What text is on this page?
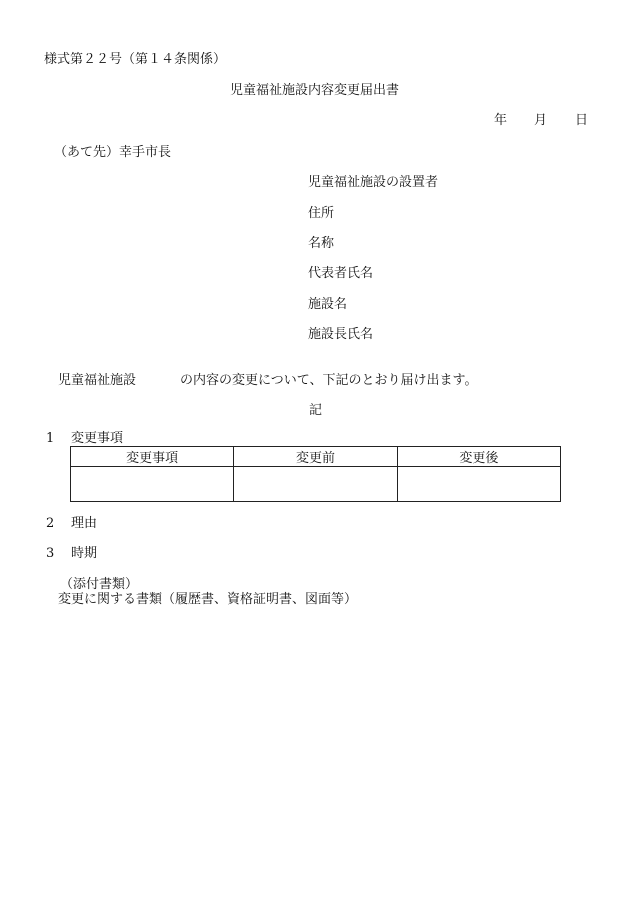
様式第２２号（第１４条関係）
児童福祉施設内容変更届出書
年 月 日
（あて先）幸手市長
児童福祉施設の設置者
住所
名称
代表者氏名
施設名
施設長氏名
児童福祉施設	の内容の変更について、下記のとおり届け出ます。
記
1 変更事項
変更事項	変更前	変更後

2 理由
3 時期
（添付書類）
変更に関する書類（履歴書、資格証明書、図面等）
